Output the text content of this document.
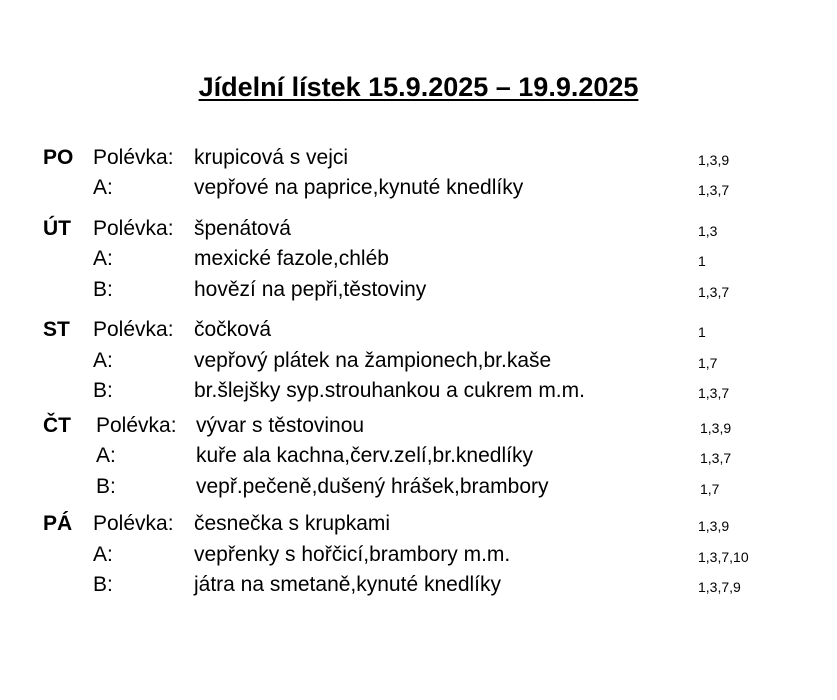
Jídelní lístek 15.9.2025 – 19.9.2025
PO Polévka: krupicová s vejci	1,3,9
A:	vepřové na paprice,kynuté knedlíky	1,3,7
ÚT Polévka: špenátová	1,3
A:	mexické fazole,chléb	1
B:	hovězí na pepři,těstoviny	1,3,7
ST Polévka: čočková	1
A:	vepřový plátek na žampionech,br.kaše	1,7
B:	br.šlejšky syp.strouhankou a cukrem m.m.	1,3,7
ČT Polévka: vývar s těstovinou	1,3,9
A:	kuře ala kachna,červ.zelí,br.knedlíky	1,3,7
B:	vepř.pečeně,dušený hrášek,brambory	1,7
PÁ Polévka: česnečka s krupkami	1,3,9
A:	vepřenky s hořčicí,brambory m.m.	1,3,7,10
B:	játra na smetaně,kynuté knedlíky	1,3,7,9
